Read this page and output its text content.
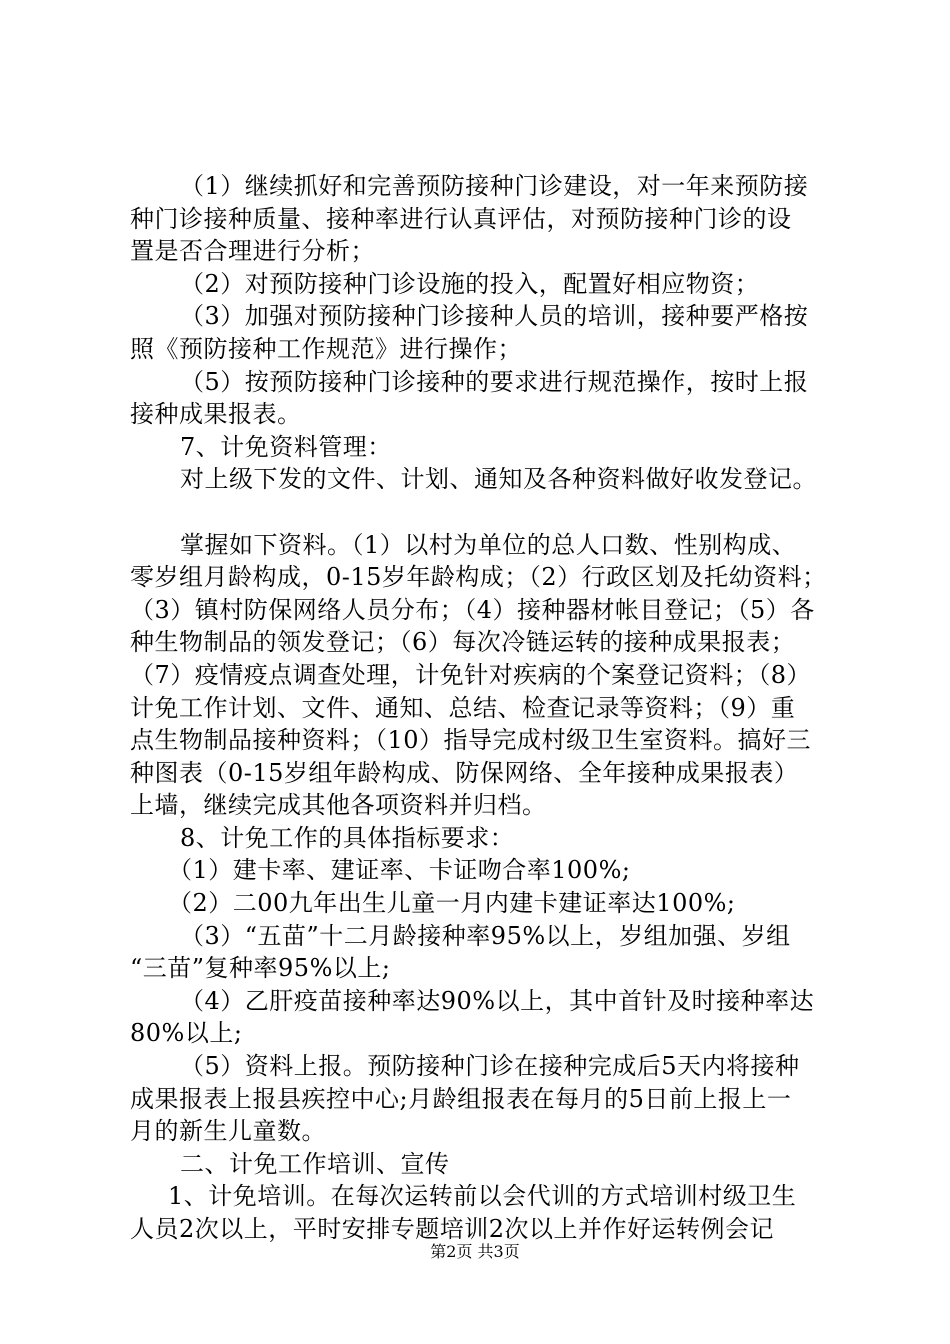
（1）继续抓好和完善预防接种门诊建设，对一年来预防接
种门诊接种质量、接种率进行认真评估，对预防接种门诊的设
置是否合理进行分析；
（2）对预防接种门诊设施的投入，配置好相应物资；
（3）加强对预防接种门诊接种人员的培训，接种要严格按
照《预防接种工作规范》进行操作；
（5）按预防接种门诊接种的要求进行规范操作，按时上报
接种成果报表。
7、计免资料管理：
对上级下发的文件、计划、通知及各种资料做好收发登记。
掌握如下资料。（1）以村为单位的总人口数、性别构成、
零岁组月龄构成，0-15岁年龄构成；（2）行政区划及托幼资料；
（3）镇村防保网络人员分布；（4）接种器材帐目登记；（5）各
种生物制品的领发登记；（6）每次冷链运转的接种成果报表；
（7）疫情疫点调查处理，计免针对疾病的个案登记资料；（8）
计免工作计划、文件、通知、总结、检查记录等资料；（9）重
点生物制品接种资料；（10）指导完成村级卫生室资料。搞好三
种图表（0-15岁组年龄构成、防保网络、全年接种成果报表）
上墙，继续完成其他各项资料并归档。
8、计免工作的具体指标要求：
（1）建卡率、建证率、卡证吻合率100%;
（2）二00九年出生儿童一月内建卡建证率达100%;
（3）“五苗”十二月龄接种率95%以上，岁组加强、岁组
“三苗”复种率95%以上;
（4）乙肝疫苗接种率达90%以上，其中首针及时接种率达
80%以上;
（5）资料上报。预防接种门诊在接种完成后5天内将接种
成果报表上报县疾控中心;月龄组报表在每月的5日前上报上一
月的新生儿童数。
二、计免工作培训、宣传
1、计免培训。在每次运转前以会代训的方式培训村级卫生
人员2次以上，平时安排专题培训2次以上并作好运转例会记
第2页 共3页
